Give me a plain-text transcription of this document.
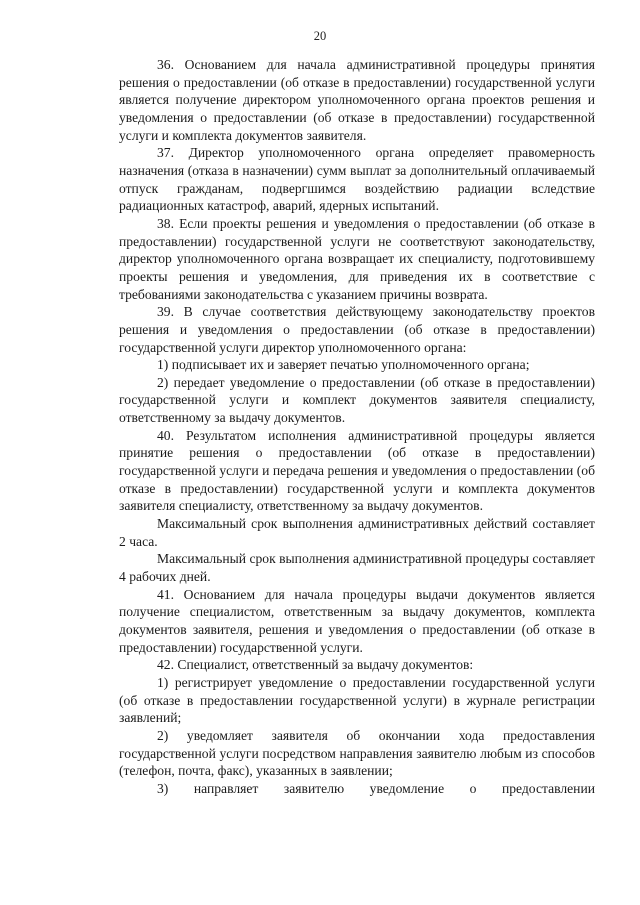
20

36. Основанием для начала административной процедуры принятия решения о предоставлении (об отказе в предоставлении) государственной услуги является получение директором уполномоченного органа проектов решения и уведомления о предоставлении (об отказе в предоставлении) государственной услуги и комплекта документов заявителя.

37. Директор уполномоченного органа определяет правомерность назначения (отказа в назначении) сумм выплат за дополнительный оплачиваемый отпуск гражданам, подвергшимся воздействию радиации вследствие радиационных катастроф, аварий, ядерных испытаний.

38. Если проекты решения и уведомления о предоставлении (об отказе в предоставлении) государственной услуги не соответствуют законодательству, директор уполномоченного органа возвращает их специалисту, подготовившему проекты решения и уведомления, для приведения их в соответствие с требованиями законодательства с указанием причины возврата.

39. В случае соответствия действующему законодательству проектов решения и уведомления о предоставлении (об отказе в предоставлении) государственной услуги директор уполномоченного органа:

1) подписывает их и заверяет печатью уполномоченного органа;

2) передает уведомление о предоставлении (об отказе в предоставлении) государственной услуги и комплект документов заявителя специалисту, ответственному за выдачу документов.

40. Результатом исполнения административной процедуры является принятие решения о предоставлении (об отказе в предоставлении) государственной услуги и передача решения и уведомления о предоставлении (об отказе в предоставлении) государственной услуги и комплекта документов заявителя специалисту, ответственному за выдачу документов.

Максимальный срок выполнения административных действий составляет 2 часа.

Максимальный срок выполнения административной процедуры составляет 4 рабочих дней.

41. Основанием для начала процедуры выдачи документов является получение специалистом, ответственным за выдачу документов, комплекта документов заявителя, решения и уведомления о предоставлении (об отказе в предоставлении) государственной услуги.

42. Специалист, ответственный за выдачу документов:

1) регистрирует уведомление о предоставлении государственной услуги (об отказе в предоставлении государственной услуги) в журнале регистрации заявлений;

2) уведомляет заявителя об окончании хода предоставления государственной услуги посредством направления заявителю любым из способов (телефон, почта, факс), указанных в заявлении;

3) направляет заявителю уведомление о предоставлении
